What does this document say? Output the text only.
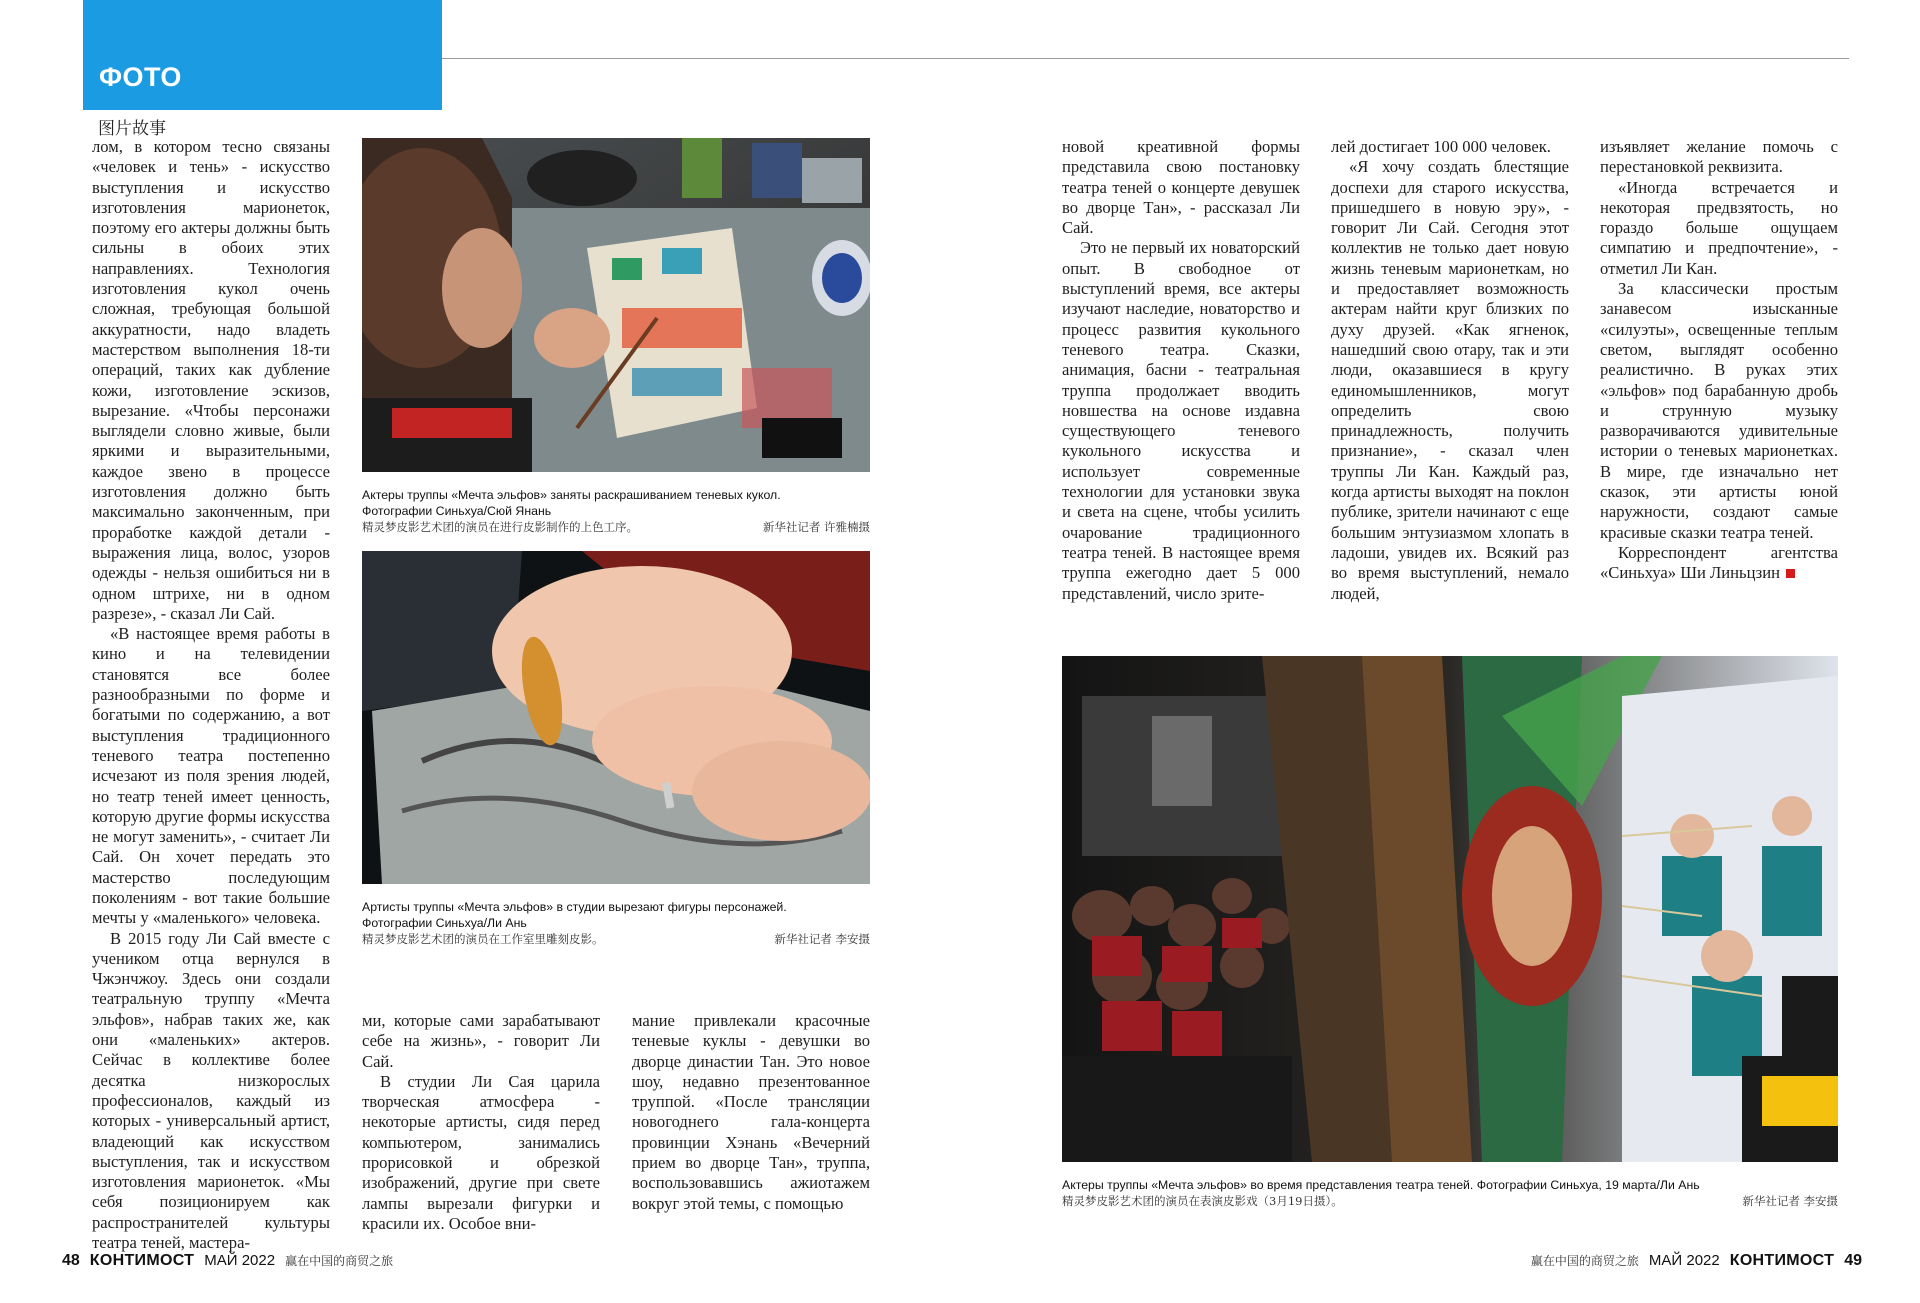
ФОТО
图片故事

лом, в котором тесно связаны «человек и тень» - искусство выступления и искусство изготовления марионеток, поэтому его актеры должны быть сильны в обоих этих направлениях. Технология изготовления кукол очень сложная, требующая большой аккуратности, надо владеть мастерством выполнения 18-ти операций, таких как дубление кожи, изготовление эскизов, вырезание. «Чтобы персонажи выглядели словно живые, были яркими и выразительными, каждое звено в процессе изготовления должно быть максимально законченным, при проработке каждой детали - выражения лица, волос, узоров одежды - нельзя ошибиться ни в одном штрихе, ни в одном разрезе», - сказал Ли Сай.

«В настоящее время работы в кино и на телевидении становятся все более разнообразными по форме и богатыми по содержанию, а вот выступления традиционного теневого театра постепенно исчезают из поля зрения людей, но театр теней имеет ценность, которую другие формы искусства не могут заменить», - считает Ли Сай. Он хочет передать это мастерство последующим поколениям - вот такие большие мечты у «маленького» человека.

В 2015 году Ли Сай вместе с учеником отца вернулся в Чжэнчжоу. Здесь они создали театральную труппу «Мечта эльфов», набрав таких же, как они «маленьких» актеров. Сейчас в коллективе более десятка низкорослых профессионалов, каждый из которых - универсальный артист, владеющий как искусством выступления, так и искусством изготовления марионеток. «Мы себя позиционируем как распространителей культуры театра теней, мастера-

Актеры труппы «Мечта эльфов» заняты раскрашиванием теневых кукол.
Фотографии Синьхуа/Сюй Янань
精灵梦皮影艺术团的演员在进行皮影制作的上色工序。	新华社记者 许雅楠摄
Артисты труппы «Мечта эльфов» в студии вырезают фигуры персонажей.
Фотографии Синьхуа/Ли Ань
精灵梦皮影艺术团的演员在工作室里雕刻皮影。	新华社记者 李安摄

ми, которые сами зарабатывают себе на жизнь», - говорит Ли Сай.

В студии Ли Сая царила творческая атмосфера - некоторые артисты, сидя перед компьютером, занимались прорисовкой и обрезкой изображений, другие при свете лампы вырезали фигурки и красили их. Особое вни-

мание привлекали красочные теневые куклы - девушки во дворце династии Тан. Это новое шоу, недавно презентованное труппой. «После трансляции новогоднего гала-концерта провинции Хэнань «Вечерний прием во дворце Тан», труппа, воспользовавшись ажиотажем вокруг этой темы, с помощью

новой креативной формы представила свою постановку театра теней о концерте девушек во дворце Тан», - рассказал Ли Сай.

Это не первый их новаторский опыт. В свободное от выступлений время, все актеры изучают наследие, новаторство и процесс развития кукольного теневого театра. Сказки, анимация, басни - театральная труппа продолжает вводить новшества на основе издавна существующего теневого кукольного искусства и использует современные технологии для установки звука и света на сцене, чтобы усилить очарование традиционного театра теней. В настоящее время труппа ежегодно дает 5 000 представлений, число зрите-

лей достигает 100 000 человек.

«Я хочу создать блестящие доспехи для старого искусства, пришедшего в новую эру», - говорит Ли Сай. Сегодня этот коллектив не только дает новую жизнь теневым марионеткам, но и предоставляет возможность актерам найти круг близких по духу друзей. «Как ягненок, нашедший свою отару, так и эти люди, оказавшиеся в кругу единомышленников, могут определить свою принадлежность, получить признание», - сказал член труппы Ли Кан. Каждый раз, когда артисты выходят на поклон публике, зрители начинают с еще большим энтузиазмом хлопать в ладоши, увидев их. Всякий раз во время выступлений, немало людей,

изъявляет желание помочь с перестановкой реквизита.

«Иногда встречается и некоторая предвзятость, но гораздо больше ощущаем симпатию и предпочтение», - отметил Ли Кан.

За классически простым занавесом изысканные «силуэты», освещенные теплым светом, выглядят особенно реалистично. В руках этих «эльфов» под барабанную дробь и струнную музыку разворачиваются удивительные истории о теневых марионетках. В мире, где изначально нет сказок, эти артисты юной наружности, создают самые красивые сказки театра теней.

Корреспондент агентства «Синьхуа» Ши Линьцзин

Актеры труппы «Мечта эльфов» во время представления театра теней. Фотографии Синьхуа, 19 марта/Ли Ань
精灵梦皮影艺术团的演员在表演皮影戏（3月19日摄）。	新华社记者 李安摄
48 КОНТИМОСТ МАЙ 2022 赢在中国的商贸之旅	赢在中国的商贸之旅 МАЙ 2022 КОНТИМОСТ 49
